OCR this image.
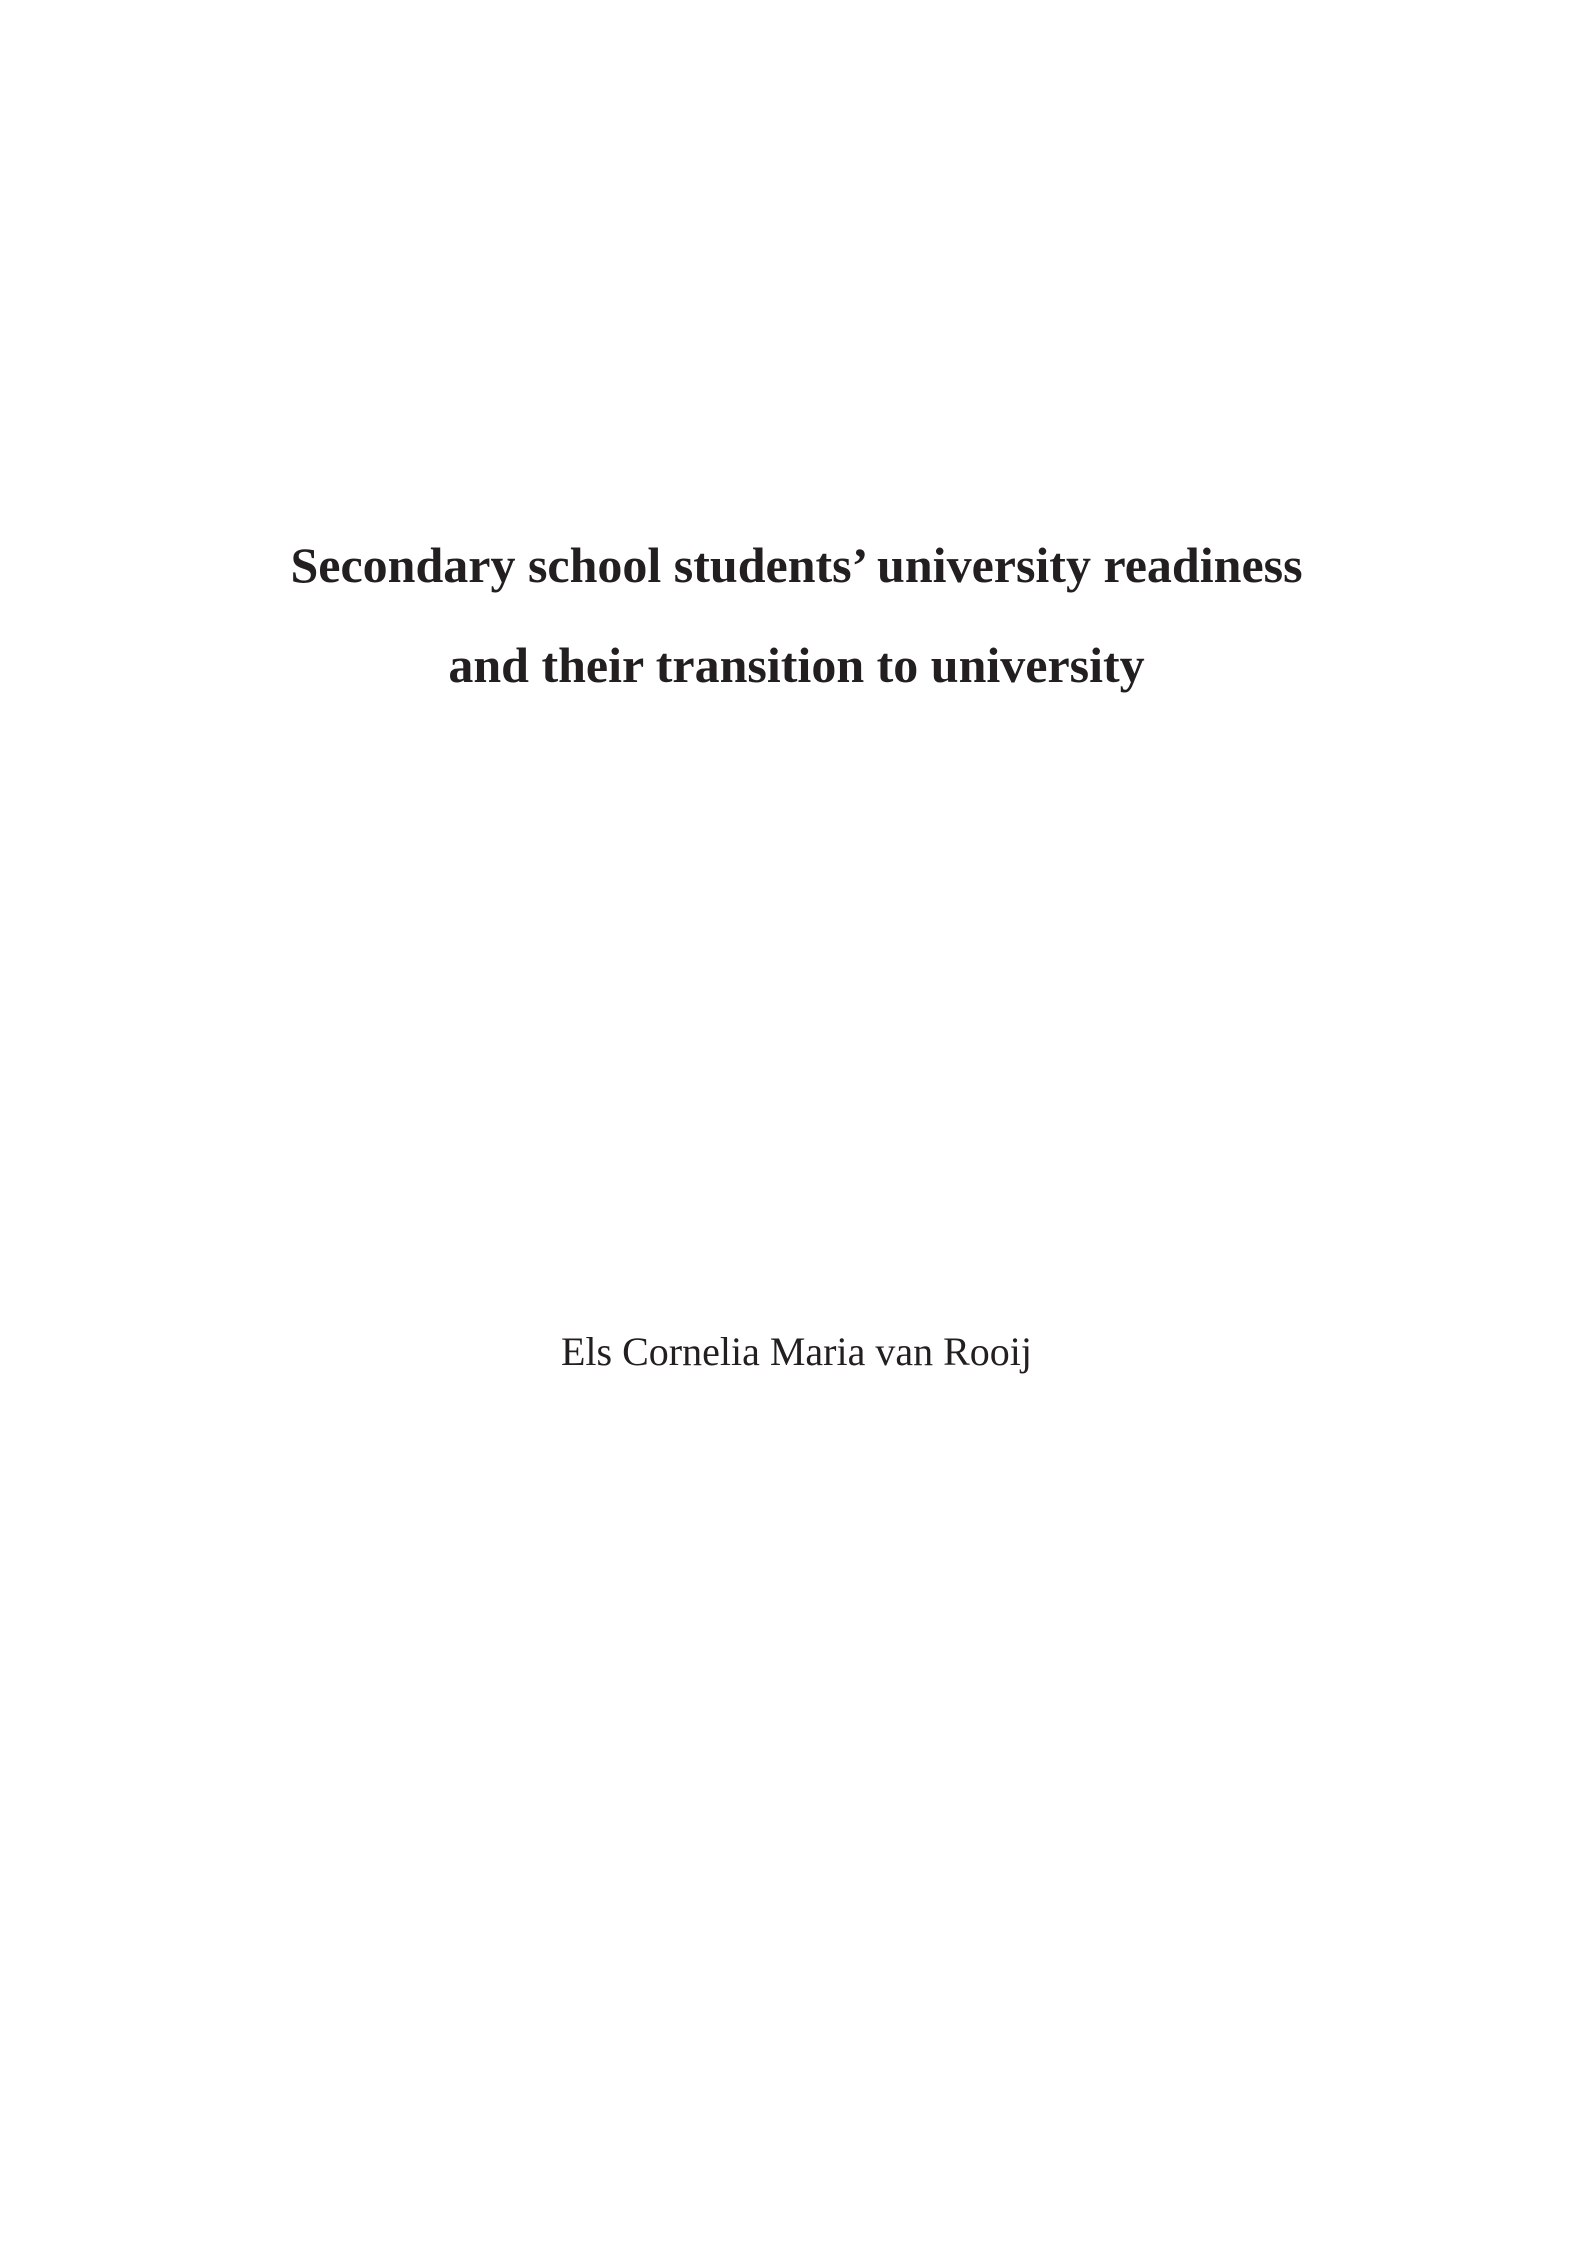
Secondary school students’ university readiness
and their transition to university
Els Cornelia Maria van Rooij
